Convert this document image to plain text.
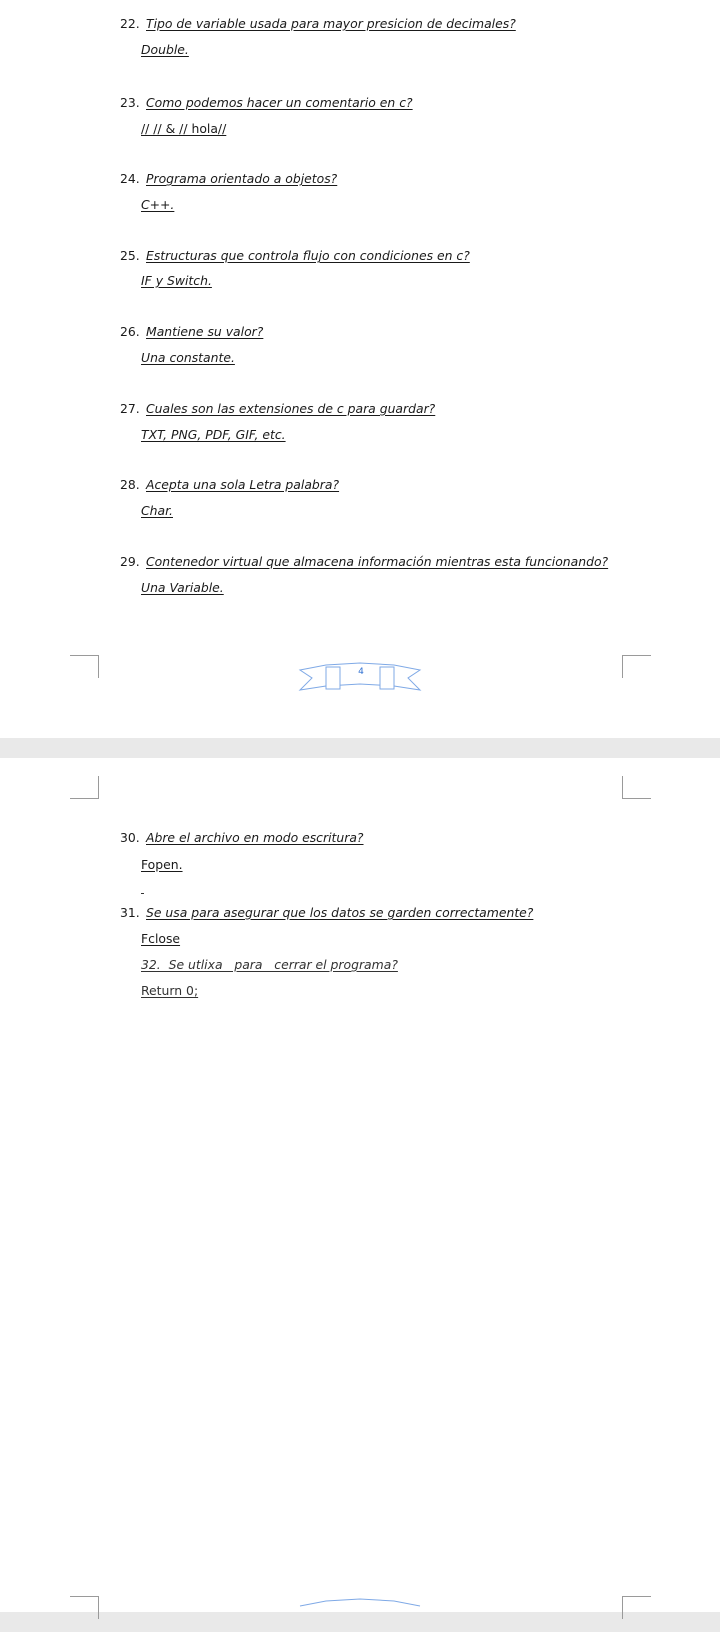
22. Tipo de variable usada para mayor presicion de decimales?
Double.
23. Como podemos hacer un comentario en c?
// // & // hola//
24. Programa orientado a objetos?
C++.
25. Estructuras que controla flujo con condiciones en c?
IF y Switch.
26. Mantiene su valor?
Una constante.
27. Cuales son las extensiones de c para guardar?
TXT, PNG, PDF, GIF, etc.
28. Acepta una sola Letra palabra?
Char.
29. Contenedor virtual que almacena información mientras esta funcionando?
Una Variable.
4
30. Abre el archivo en modo escritura?
Fopen.
31. Se usa para asegurar que los datos se garden correctamente?
Fclose
32.  Se utlixa   para   cerrar el programa?
Return 0;
